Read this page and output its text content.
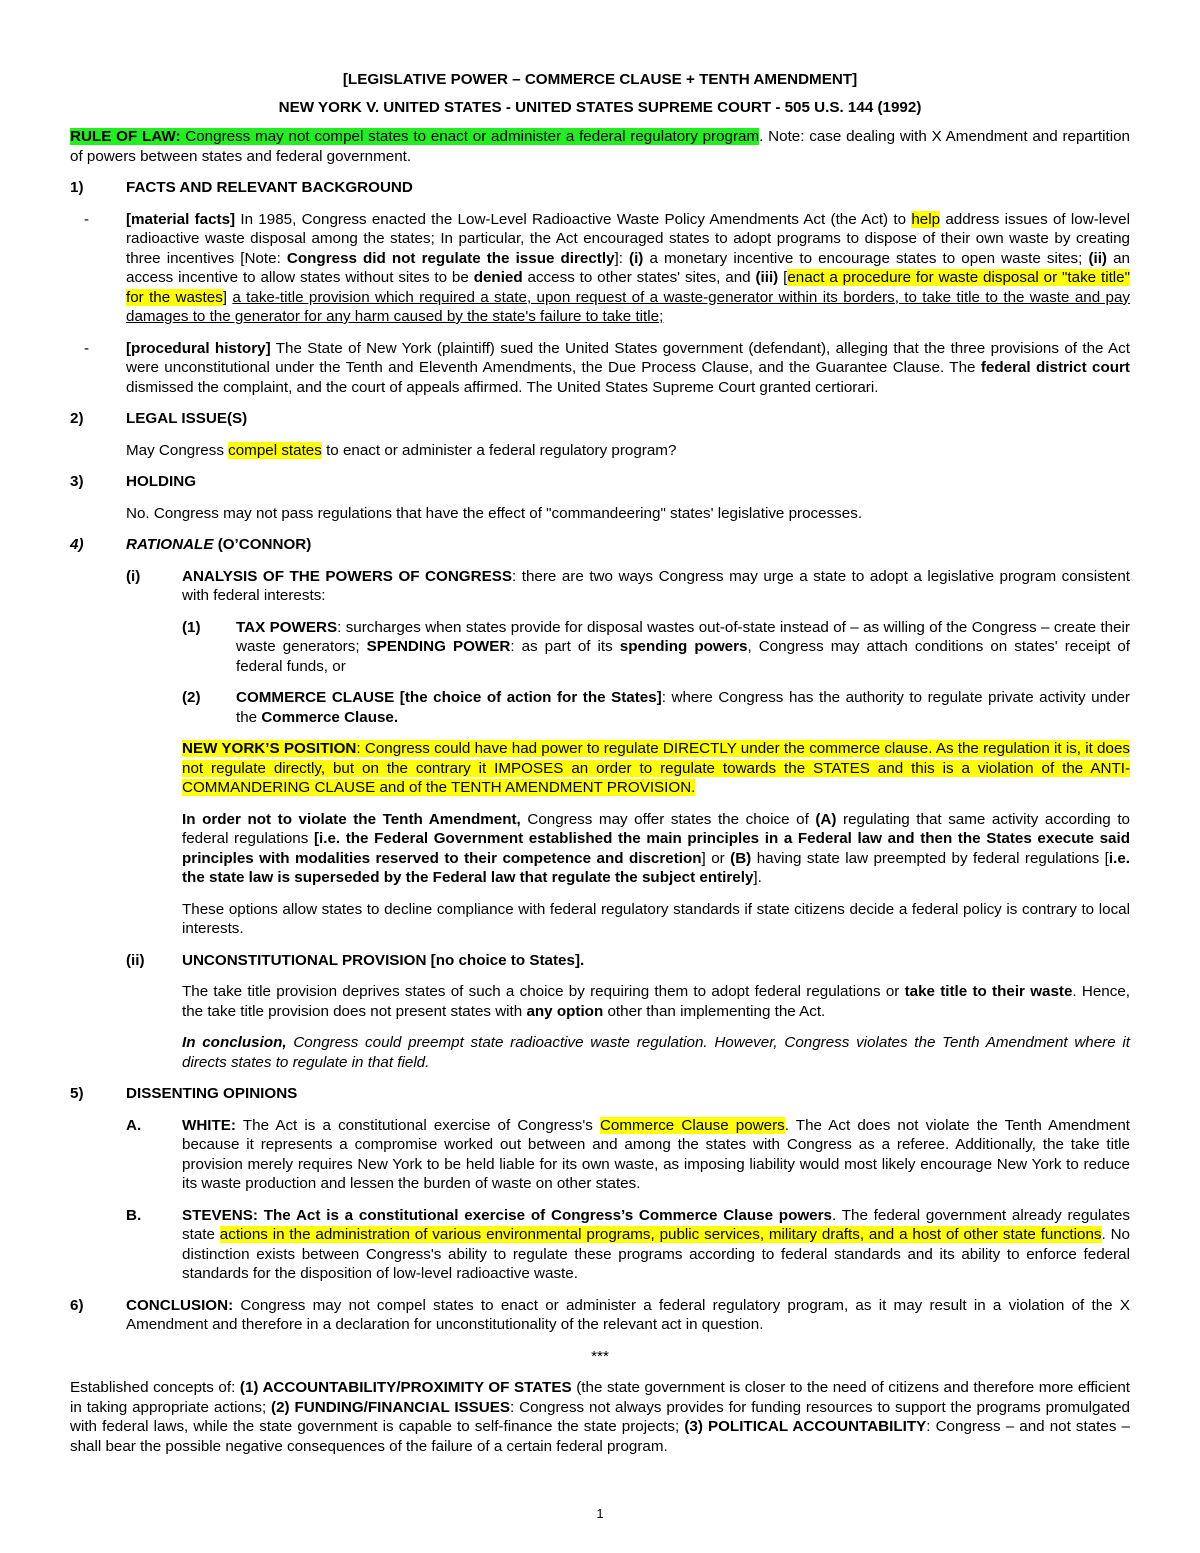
[LEGISLATIVE POWER – COMMERCE CLAUSE + TENTH AMENDMENT]

NEW YORK V. UNITED STATES - UNITED STATES SUPREME COURT - 505 U.S. 144 (1992)

RULE OF LAW: Congress may not compel states to enact or administer a federal regulatory program. Note: case dealing with X Amendment and repartition of powers between states and federal government.

1)	FACTS AND RELEVANT BACKGROUND

- [material facts] In 1985, Congress enacted the Low-Level Radioactive Waste Policy Amendments Act (the Act) to help address issues of low-level radioactive waste disposal among the states; In particular, the Act encouraged states to adopt programs to dispose of their own waste by creating three incentives [Note: Congress did not regulate the issue directly]: (i) a monetary incentive to encourage states to open waste sites; (ii) an access incentive to allow states without sites to be denied access to other states' sites, and (iii) [enact a procedure for waste disposal or "take title" for the wastes] a take-title provision which required a state, upon request of a waste-generator within its borders, to take title to the waste and pay damages to the generator for any harm caused by the state's failure to take title;

- [procedural history] The State of New York (plaintiff) sued the United States government (defendant), alleging that the three provisions of the Act were unconstitutional under the Tenth and Eleventh Amendments, the Due Process Clause, and the Guarantee Clause. The federal district court dismissed the complaint, and the court of appeals affirmed. The United States Supreme Court granted certiorari.

2)	LEGAL ISSUE(S)

May Congress compel states to enact or administer a federal regulatory program?

3)	HOLDING

No. Congress may not pass regulations that have the effect of "commandeering" states' legislative processes.

4)	RATIONALE (O’CONNOR)

(i)	ANALYSIS OF THE POWERS OF CONGRESS: there are two ways Congress may urge a state to adopt a legislative program consistent with federal interests:

(1) TAX POWERS: surcharges when states provide for disposal wastes out-of-state instead of – as willing of the Congress – create their waste generators; SPENDING POWER: as part of its spending powers, Congress may attach conditions on states' receipt of federal funds, or

(2) COMMERCE CLAUSE [the choice of action for the States]: where Congress has the authority to regulate private activity under the Commerce Clause.

NEW YORK’S POSITION: Congress could have had power to regulate DIRECTLY under the commerce clause. As the regulation it is, it does not regulate directly, but on the contrary it IMPOSES an order to regulate towards the STATES and this is a violation of the ANTI-COMMANDERING CLAUSE and of the TENTH AMENDMENT PROVISION.

In order not to violate the Tenth Amendment, Congress may offer states the choice of (A) regulating that same activity according to federal regulations [i.e. the Federal Government established the main principles in a Federal law and then the States execute said principles with modalities reserved to their competence and discretion] or (B) having state law preempted by federal regulations [i.e. the state law is superseded by the Federal law that regulate the subject entirely].

These options allow states to decline compliance with federal regulatory standards if state citizens decide a federal policy is contrary to local interests.

(ii) UNCONSTITUTIONAL PROVISION [no choice to States].

The take title provision deprives states of such a choice by requiring them to adopt federal regulations or take title to their waste. Hence, the take title provision does not present states with any option other than implementing the Act.

In conclusion, Congress could preempt state radioactive waste regulation. However, Congress violates the Tenth Amendment where it directs states to regulate in that field.

5)	DISSENTING OPINIONS

A.	WHITE: The Act is a constitutional exercise of Congress's Commerce Clause powers. The Act does not violate the Tenth Amendment because it represents a compromise worked out between and among the states with Congress as a referee. Additionally, the take title provision merely requires New York to be held liable for its own waste, as imposing liability would most likely encourage New York to reduce its waste production and lessen the burden of waste on other states.

B.	STEVENS: The Act is a constitutional exercise of Congress’s Commerce Clause powers. The federal government already regulates state actions in the administration of various environmental programs, public services, military drafts, and a host of other state functions. No distinction exists between Congress's ability to regulate these programs according to federal standards and its ability to enforce federal standards for the disposition of low-level radioactive waste.

6)	CONCLUSION: Congress may not compel states to enact or administer a federal regulatory program, as it may result in a violation of the X Amendment and therefore in a declaration for unconstitutionality of the relevant act in question.

***

Established concepts of: (1) ACCOUNTABILITY/PROXIMITY OF STATES (the state government is closer to the need of citizens and therefore more efficient in taking appropriate actions; (2) FUNDING/FINANCIAL ISSUES: Congress not always provides for funding resources to support the programs promulgated with federal laws, while the state government is capable to self-finance the state projects; (3) POLITICAL ACCOUNTABILITY: Congress – and not states – shall bear the possible negative consequences of the failure of a certain federal program.

1
